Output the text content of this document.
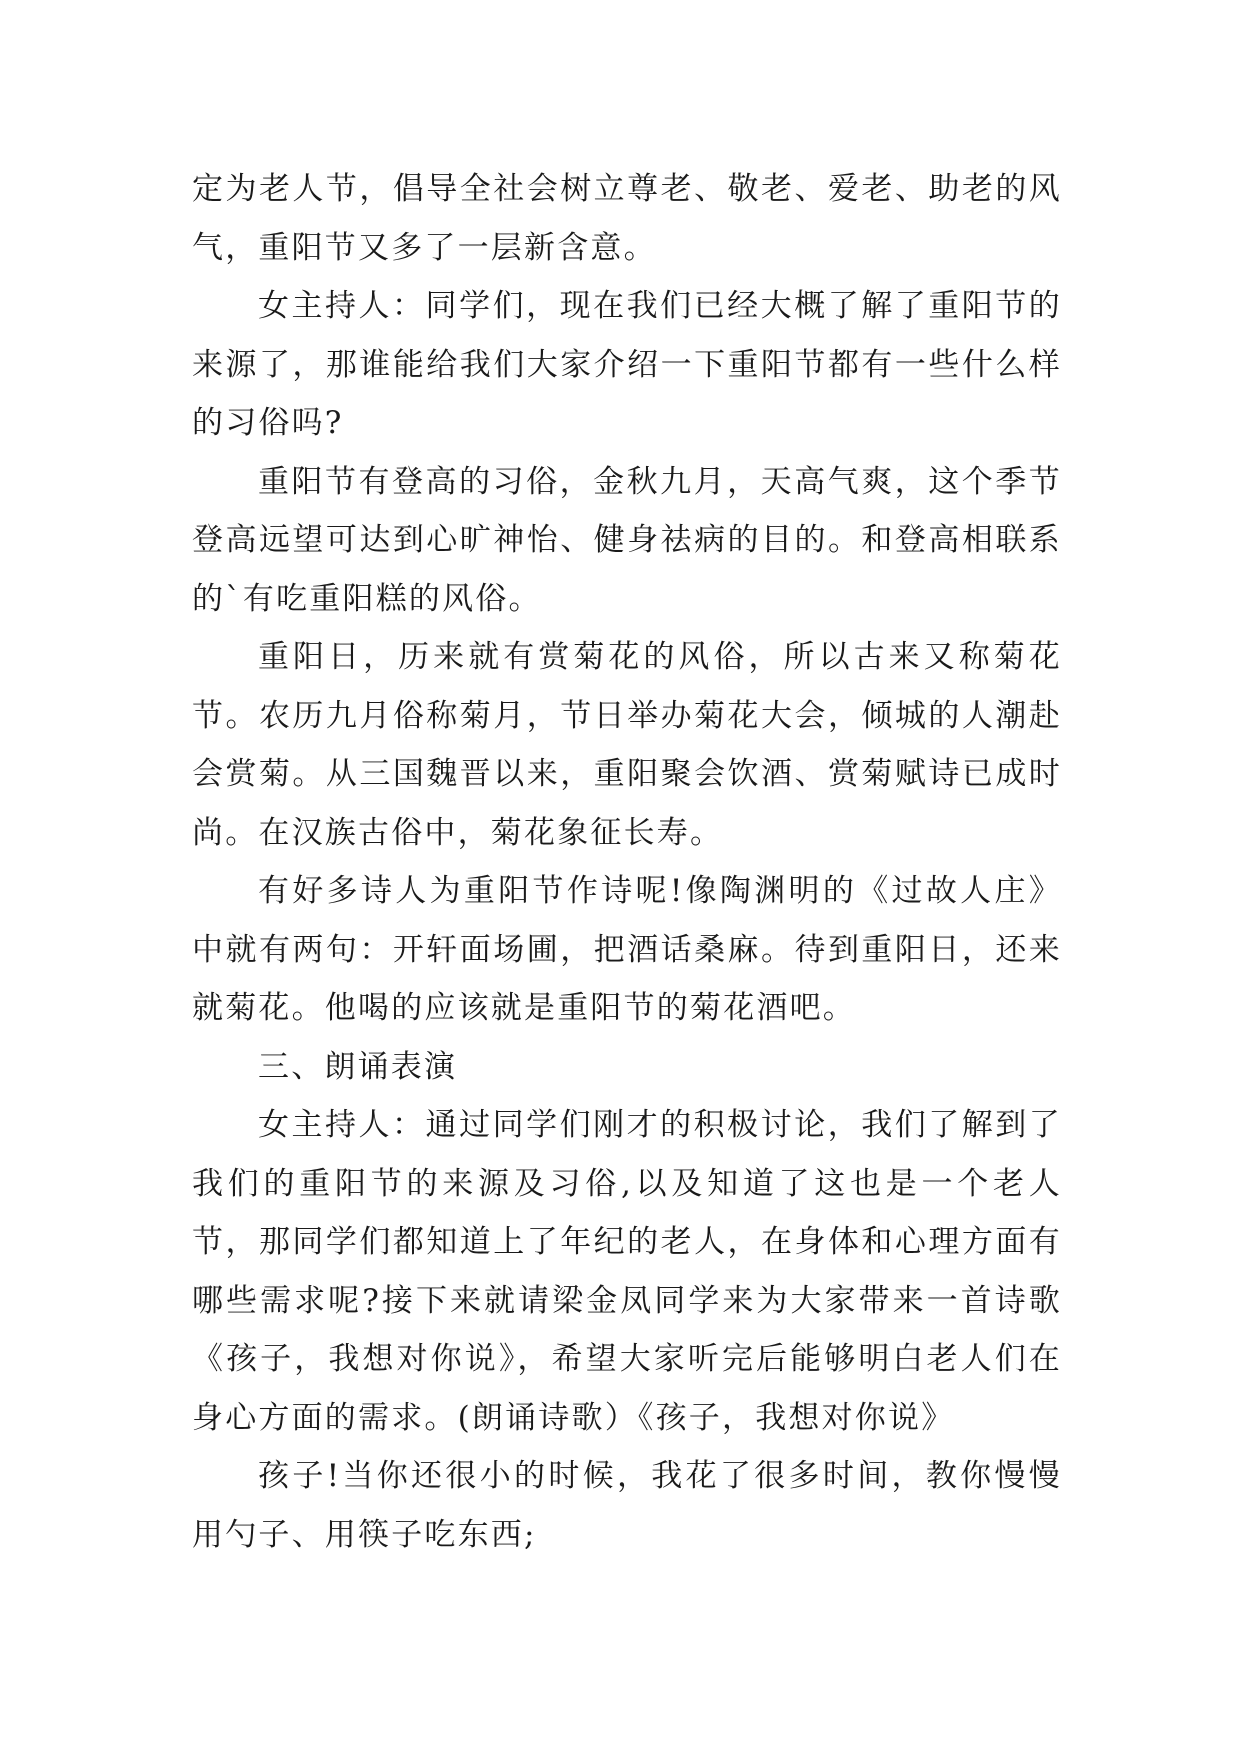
定为老人节，倡导全社会树立尊老、敬老、爱老、助老的风气，重阳节又多了一层新含意。

女主持人：同学们，现在我们已经大概了解了重阳节的来源了，那谁能给我们大家介绍一下重阳节都有一些什么样的习俗吗?

重阳节有登高的习俗，金秋九月，天高气爽，这个季节登高远望可达到心旷神怡、健身祛病的目的。和登高相联系的`有吃重阳糕的风俗。

重阳日，历来就有赏菊花的风俗，所以古来又称菊花节。农历九月俗称菊月，节日举办菊花大会，倾城的人潮赴会赏菊。从三国魏晋以来，重阳聚会饮酒、赏菊赋诗已成时尚。在汉族古俗中，菊花象征长寿。

有好多诗人为重阳节作诗呢!像陶渊明的《过故人庄》中就有两句：开轩面场圃，把酒话桑麻。待到重阳日，还来就菊花。他喝的应该就是重阳节的菊花酒吧。

三、朗诵表演

女主持人：通过同学们刚才的积极讨论，我们了解到了我们的重阳节的来源及习俗,以及知道了这也是一个老人节，那同学们都知道上了年纪的老人，在身体和心理方面有哪些需求呢?接下来就请梁金凤同学来为大家带来一首诗歌《孩子，我想对你说》，希望大家听完后能够明白老人们在身心方面的需求。(朗诵诗歌）《孩子，我想对你说》

孩子!当你还很小的时候，我花了很多时间，教你慢慢用勺子、用筷子吃东西;
